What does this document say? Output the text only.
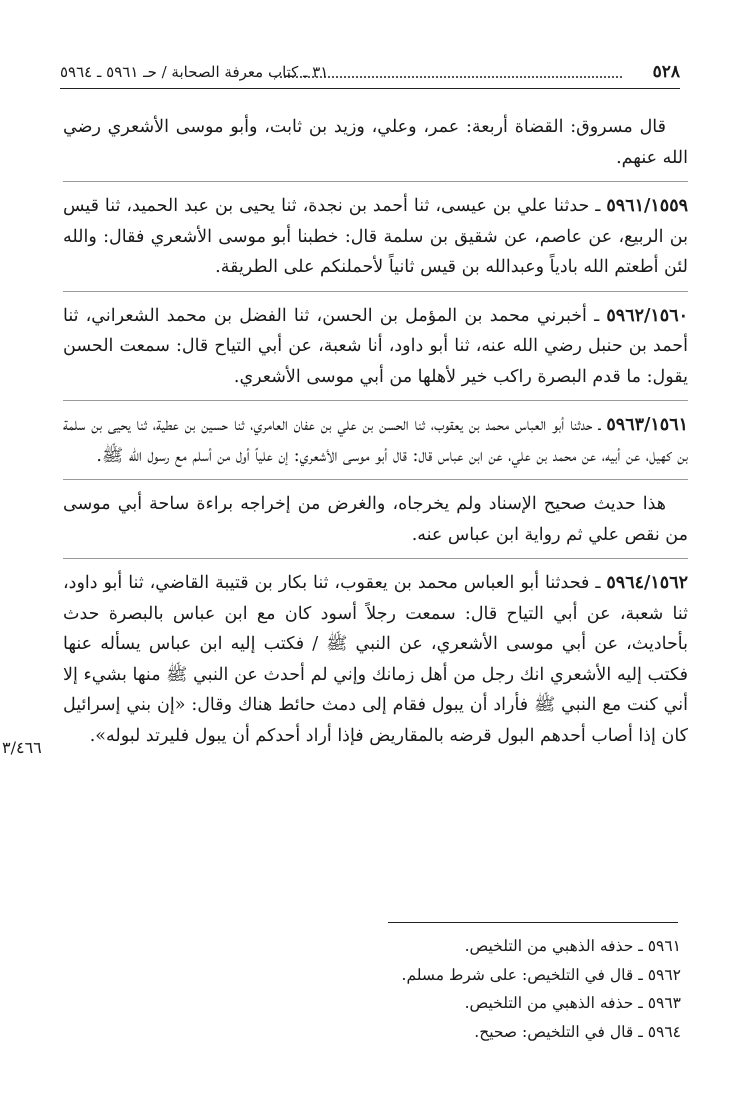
٥٢٨
٣١ ـ كتاب معرفة الصحابة / حـ ٥٩٦١ ـ ٥٩٦٤

قال مسروق: القضاة أربعة: عمر، وعلي، وزيد بن ثابت، وأبو موسى الأشعري رضي الله عنهم.

٥٩٦١/١٥٥٩ ـ حدثنا علي بن عيسى، ثنا أحمد بن نجدة، ثنا يحيى بن عبد الحميد، ثنا قيس بن الربيع، عن عاصم، عن شقيق بن سلمة قال: خطبنا أبو موسى الأشعري فقال: والله لئن أطعتم الله بادياً وعبدالله بن قيس ثانياً لأحملنكم على الطريقة.

٥٩٦٢/١٥٦٠ ـ أخبرني محمد بن المؤمل بن الحسن، ثنا الفضل بن محمد الشعراني، ثنا أحمد بن حنبل رضي الله عنه، ثنا أبو داود، أنا شعبة، عن أبي التياح قال: سمعت الحسن يقول: ما قدم البصرة راكب خير لأهلها من أبي موسى الأشعري.

٥٩٦٣/١٥٦١ ـ حدثنا أبو العباس محمد بن يعقوب، ثنا الحسن بن علي بن عفان العامري، ثنا حسين بن عطية، ثنا يحيى بن سلمة بن كهيل، عن أبيه، عن محمد بن علي، عن ابن عباس قال: قال أبو موسى الأشعري: إن علياً أول من أسلم مع رسول الله ﷺ.

هذا حديث صحيح الإسناد ولم يخرجاه، والغرض من إخراجه براءة ساحة أبي موسى من نقص علي ثم رواية ابن عباس عنه.

٥٩٦٤/١٥٦٢ ـ فحدثنا أبو العباس محمد بن يعقوب، ثنا بكار بن قتيبة القاضي، ثنا أبو داود، ثنا شعبة، عن أبي التياح قال: سمعت رجلاً أسود كان مع ابن عباس بالبصرة حدث بأحاديث، عن أبي موسى الأشعري، عن النبي ﷺ / فكتب إليه ابن عباس يسأله عنها فكتب إليه الأشعري انك رجل من أهل زمانك وإني لم أحدث عن النبي ﷺ منها بشيء إلا أني كنت مع النبي ﷺ فأراد أن يبول فقام إلى دمث حائط هناك وقال: «إن بني إسرائيل كان إذا أصاب أحدهم البول قرضه بالمقاريض فإذا أراد أحدكم أن يبول فليرتد لبوله».

٣/٤٦٦

٥٩٦١ ـ حذفه الذهبي من التلخيص.

٥٩٦٢ ـ قال في التلخيص: على شرط مسلم.

٥٩٦٣ ـ حذفه الذهبي من التلخيص.

٥٩٦٤ ـ قال في التلخيص: صحيح.
